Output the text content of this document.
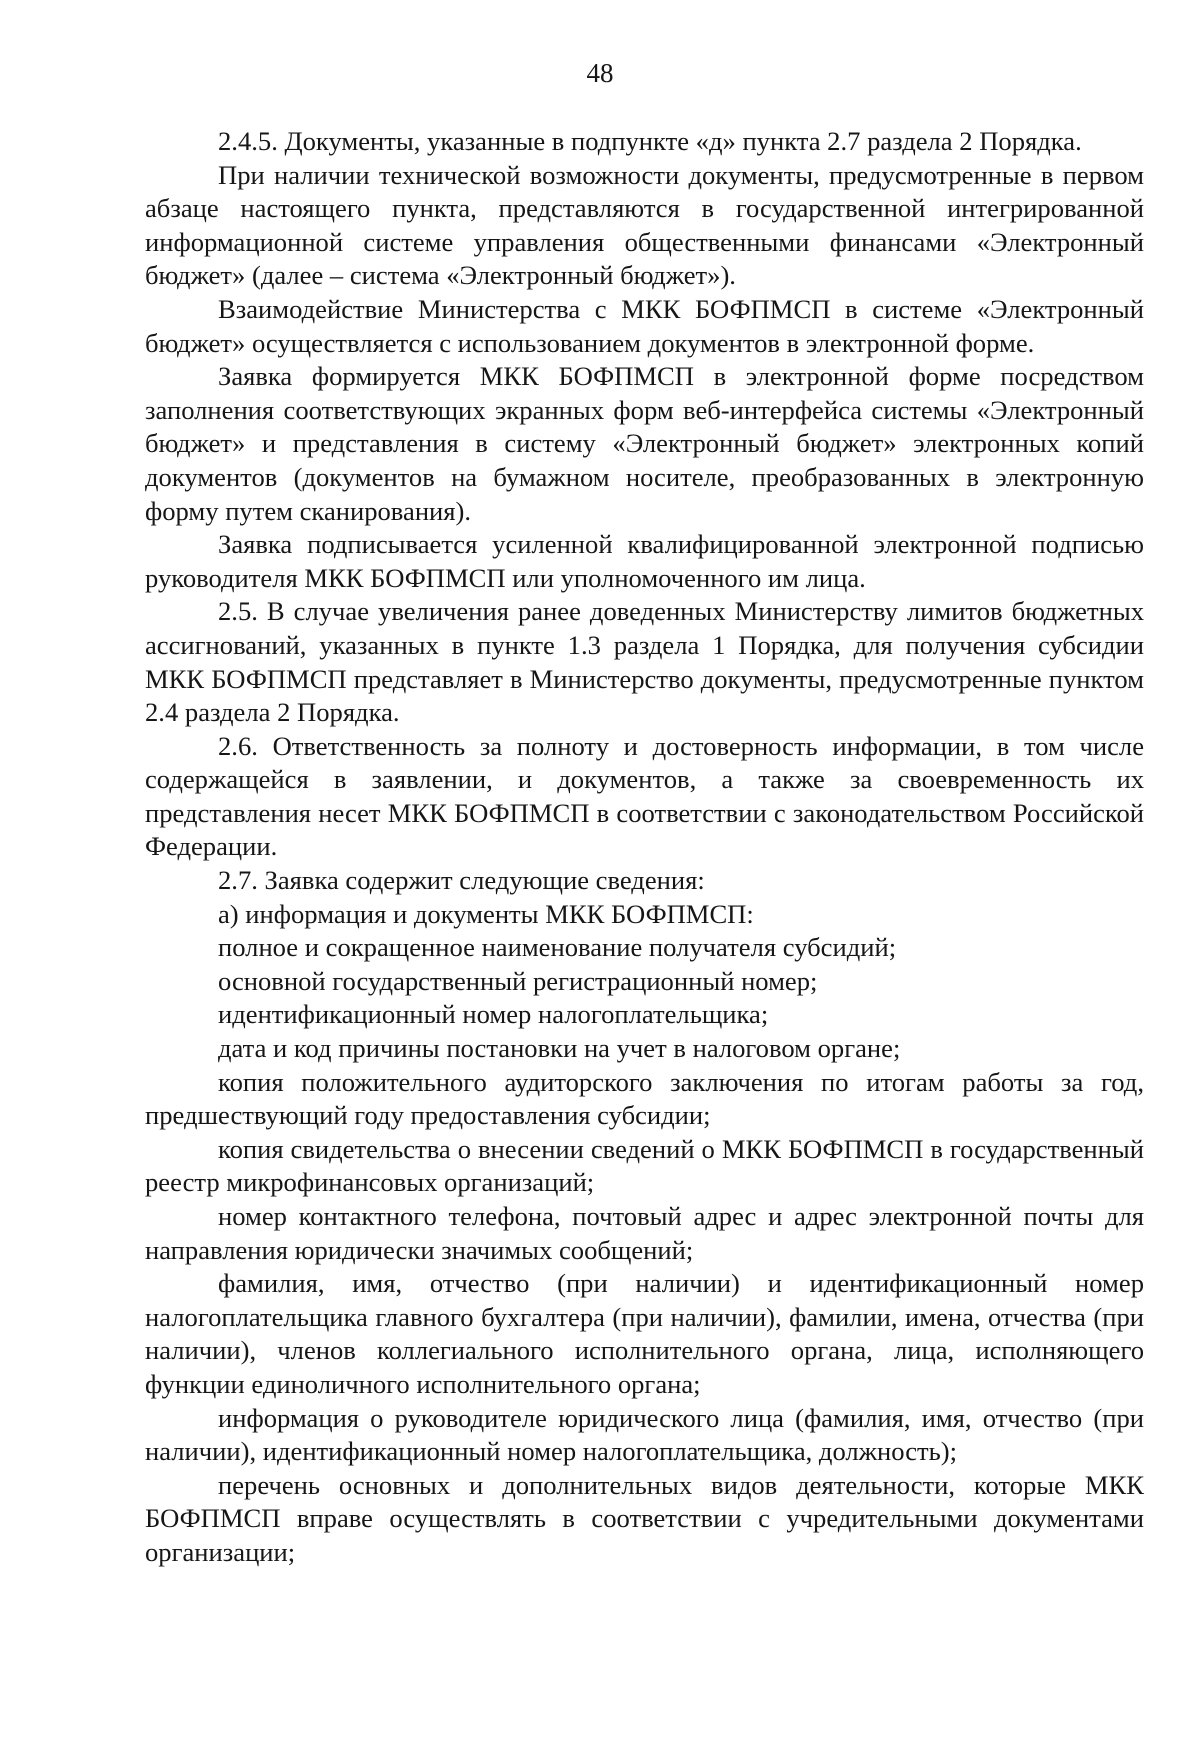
48

2.4.5. Документы, указанные в подпункте «д» пункта 2.7 раздела 2 Порядка.

При наличии технической возможности документы, предусмотренные в первом абзаце настоящего пункта, представляются в государственной интегрированной информационной системе управления общественными финансами «Электронный бюджет» (далее – система «Электронный бюджет»).

Взаимодействие Министерства с МКК БОФПМСП в системе «Электронный бюджет» осуществляется с использованием документов в электронной форме.

Заявка формируется МКК БОФПМСП в электронной форме посредством заполнения соответствующих экранных форм веб-интерфейса системы «Электронный бюджет» и представления в систему «Электронный бюджет» электронных копий документов (документов на бумажном носителе, преобразованных в электронную форму путем сканирования).

Заявка подписывается усиленной квалифицированной электронной подписью руководителя МКК БОФПМСП или уполномоченного им лица.

2.5. В случае увеличения ранее доведенных Министерству лимитов бюджетных ассигнований, указанных в пункте 1.3 раздела 1 Порядка, для получения субсидии МКК БОФПМСП представляет в Министерство документы, предусмотренные пунктом 2.4 раздела 2 Порядка.

2.6. Ответственность за полноту и достоверность информации, в том числе содержащейся в заявлении, и документов, а также за своевременность их представления несет МКК БОФПМСП в соответствии с законодательством Российской Федерации.

2.7. Заявка содержит следующие сведения:

а) информация и документы МКК БОФПМСП:

полное и сокращенное наименование получателя субсидий;

основной государственный регистрационный номер;

идентификационный номер налогоплательщика;

дата и код причины постановки на учет в налоговом органе;

копия положительного аудиторского заключения по итогам работы за год, предшествующий году предоставления субсидии;

копия свидетельства о внесении сведений о МКК БОФПМСП в государственный реестр микрофинансовых организаций;

номер контактного телефона, почтовый адрес и адрес электронной почты для направления юридически значимых сообщений;

фамилия, имя, отчество (при наличии) и идентификационный номер налогоплательщика главного бухгалтера (при наличии), фамилии, имена, отчества (при наличии), членов коллегиального исполнительного органа, лица, исполняющего функции единоличного исполнительного органа;

информация о руководителе юридического лица (фамилия, имя, отчество (при наличии), идентификационный номер налогоплательщика, должность);

перечень основных и дополнительных видов деятельности, которые МКК БОФПМСП вправе осуществлять в соответствии с учредительными документами организации;
